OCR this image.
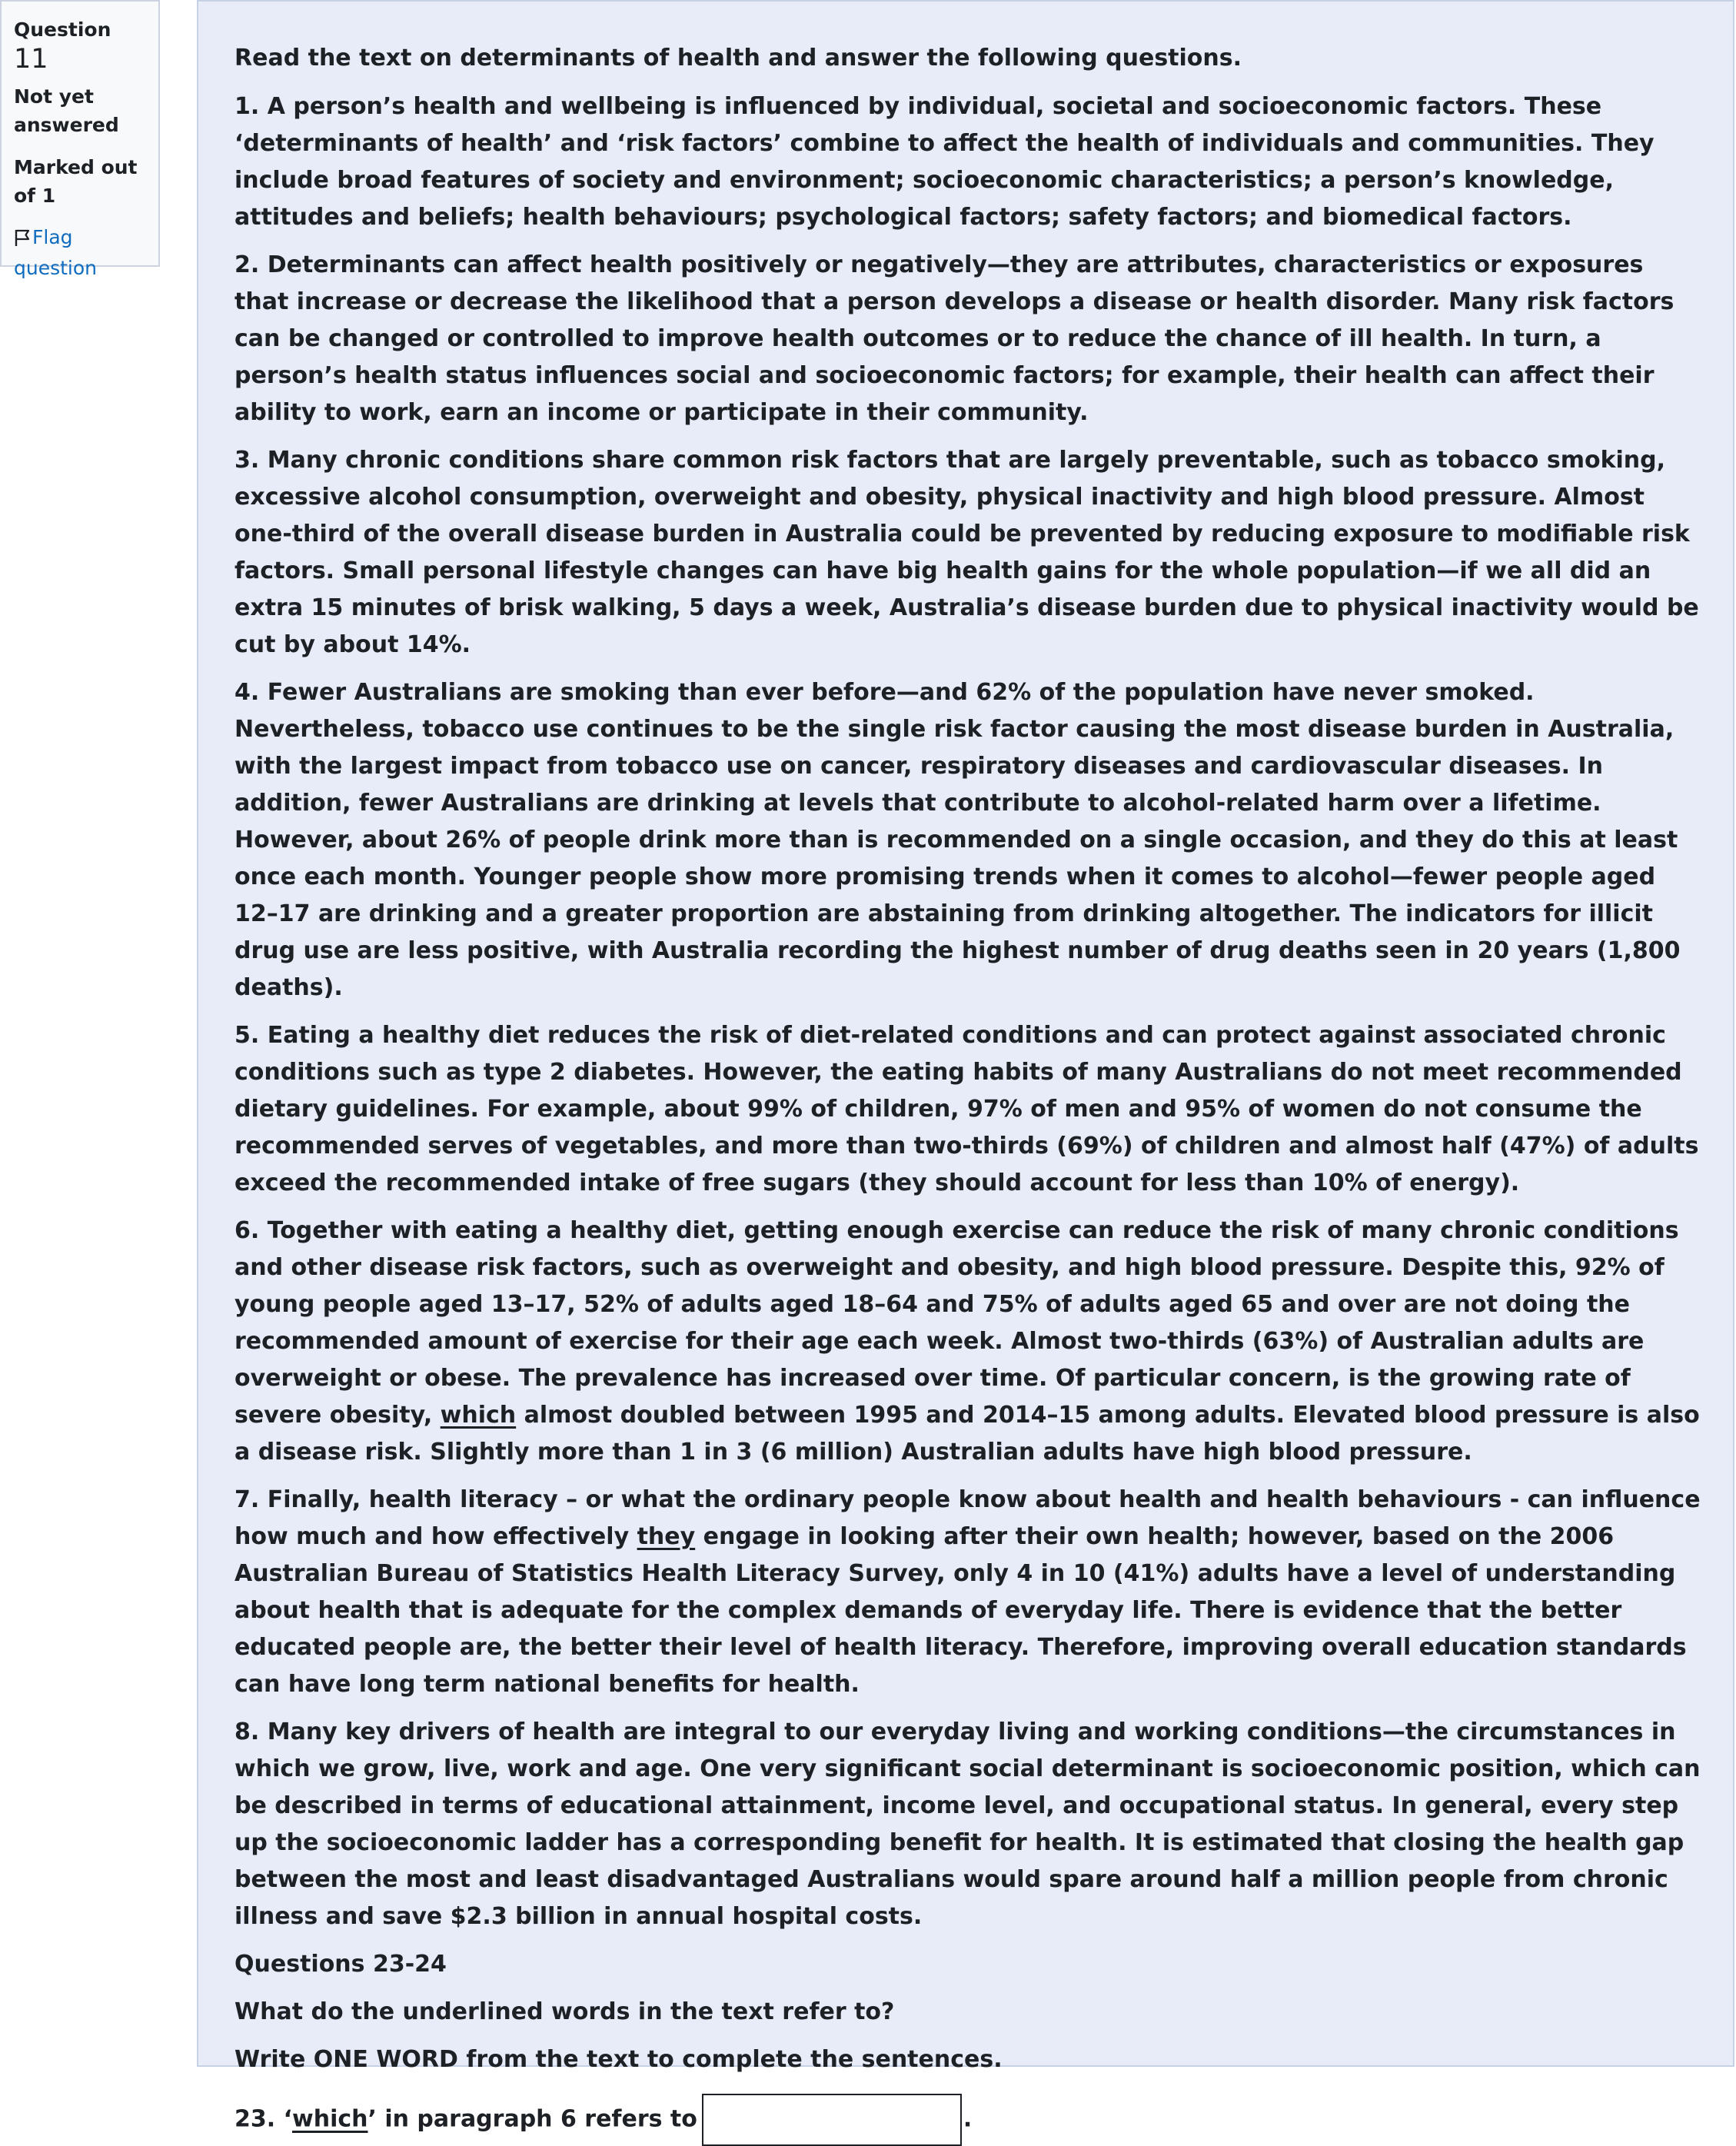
Question 11
Not yet answered
Marked out of 1
Flag question

Read the text on determinants of health and answer the following questions.

1. A person’s health and wellbeing is influenced by individual, societal and socioeconomic factors. These ‘determinants of health’ and ‘risk factors’ combine to affect the health of individuals and communities. They include broad features of society and environment; socioeconomic characteristics; a person’s knowledge, attitudes and beliefs; health behaviours; psychological factors; safety factors; and biomedical factors.

2. Determinants can affect health positively or negatively—they are attributes, characteristics or exposures that increase or decrease the likelihood that a person develops a disease or health disorder. Many risk factors can be changed or controlled to improve health outcomes or to reduce the chance of ill health. In turn, a person’s health status influences social and socioeconomic factors; for example, their health can affect their ability to work, earn an income or participate in their community.

3. Many chronic conditions share common risk factors that are largely preventable, such as tobacco smoking, excessive alcohol consumption, overweight and obesity, physical inactivity and high blood pressure. Almost one-third of the overall disease burden in Australia could be prevented by reducing exposure to modifiable risk factors. Small personal lifestyle changes can have big health gains for the whole population—if we all did an extra 15 minutes of brisk walking, 5 days a week, Australia’s disease burden due to physical inactivity would be cut by about 14%.

4. Fewer Australians are smoking than ever before—and 62% of the population have never smoked. Nevertheless, tobacco use continues to be the single risk factor causing the most disease burden in Australia, with the largest impact from tobacco use on cancer, respiratory diseases and cardiovascular diseases. In addition, fewer Australians are drinking at levels that contribute to alcohol-related harm over a lifetime. However, about 26% of people drink more than is recommended on a single occasion, and they do this at least once each month. Younger people show more promising trends when it comes to alcohol—fewer people aged 12–17 are drinking and a greater proportion are abstaining from drinking altogether. The indicators for illicit drug use are less positive, with Australia recording the highest number of drug deaths seen in 20 years (1,800 deaths).

5. Eating a healthy diet reduces the risk of diet-related conditions and can protect against associated chronic conditions such as type 2 diabetes. However, the eating habits of many Australians do not meet recommended dietary guidelines. For example, about 99% of children, 97% of men and 95% of women do not consume the recommended serves of vegetables, and more than two-thirds (69%) of children and almost half (47%) of adults exceed the recommended intake of free sugars (they should account for less than 10% of energy).

6. Together with eating a healthy diet, getting enough exercise can reduce the risk of many chronic conditions and other disease risk factors, such as overweight and obesity, and high blood pressure. Despite this, 92% of young people aged 13–17, 52% of adults aged 18–64 and 75% of adults aged 65 and over are not doing the recommended amount of exercise for their age each week. Almost two-thirds (63%) of Australian adults are overweight or obese. The prevalence has increased over time. Of particular concern, is the growing rate of severe obesity, which almost doubled between 1995 and 2014–15 among adults. Elevated blood pressure is also a disease risk. Slightly more than 1 in 3 (6 million) Australian adults have high blood pressure.

7. Finally, health literacy – or what the ordinary people know about health and health behaviours - can influence how much and how effectively they engage in looking after their own health; however, based on the 2006 Australian Bureau of Statistics Health Literacy Survey, only 4 in 10 (41%) adults have a level of understanding about health that is adequate for the complex demands of everyday life. There is evidence that the better educated people are, the better their level of health literacy. Therefore, improving overall education standards can have long term national benefits for health.

8. Many key drivers of health are integral to our everyday living and working conditions—the circumstances in which we grow, live, work and age. One very significant social determinant is socioeconomic position, which can be described in terms of educational attainment, income level, and occupational status. In general, every step up the socioeconomic ladder has a corresponding benefit for health. It is estimated that closing the health gap between the most and least disadvantaged Australians would spare around half a million people from chronic illness and save $2.3 billion in annual hospital costs.

Questions 23-24

What do the underlined words in the text refer to?

Write ONE WORD from the text to complete the sentences.

23. ‘which’ in paragraph 6 refers to	.
